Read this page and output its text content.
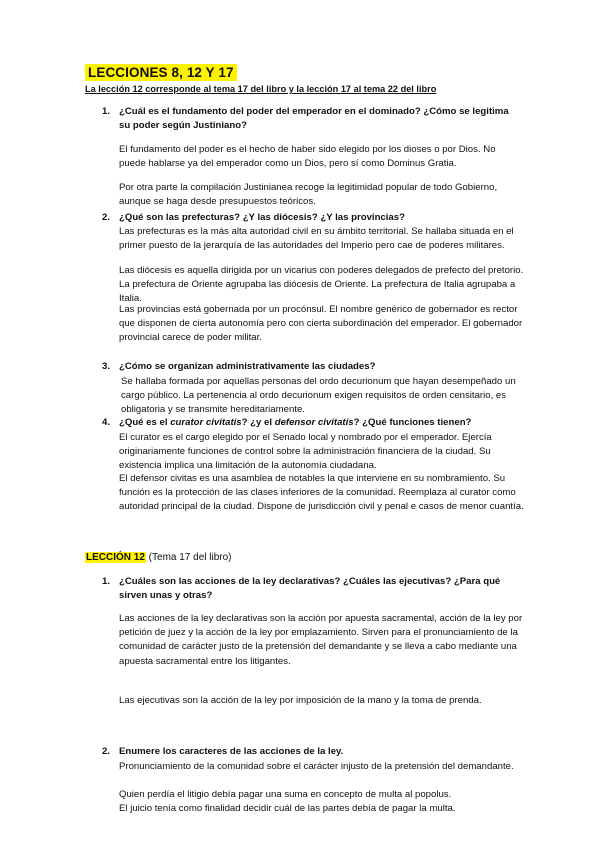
LECCIONES 8, 12 Y 17
La lección 12 corresponde al tema 17 del libro y la lección 17 al tema 22 del libro
1. ¿Cuál es el fundamento del poder del emperador en el dominado? ¿Cómo se legitima su poder según Justiniano?
El fundamento del poder es el hecho de haber sido elegido por los dioses o por Dios. No puede hablarse ya del emperador como un Dios, pero sí como Dominus Gratia.
Por otra parte la compilación Justinianea recoge la legitimidad popular de todo Gobierno, aunque se haga desde presupuestos teóricos.
2. ¿Qué son las prefecturas? ¿Y las diócesis? ¿Y las provincias?
Las prefecturas es la más alta autoridad civil en su ámbito territorial. Se hallaba situada en el primer puesto de la jerarquía de las autoridades del Imperio pero cae de poderes militares.
Las diócesis es aquella dirigida por un vicarius con poderes delegados de prefecto del pretorio. La prefectura de Oriente agrupaba las diócesis de Oriente. La prefectura de Italia agrupaba a Italia.
Las provincias está gobernada por un procónsul. El nombre genérico de gobernador es rector que disponen de cierta autonomía pero con cierta subordinación del emperador. El gobernador provincial carece de poder militar.
3. ¿Cómo se organizan administrativamente las ciudades?
Se hallaba formada por aquellas personas del ordo decurionum que hayan desempeñado un cargo público. La pertenencia al ordo decurionum exigen requisitos de orden censitario, es obligatoria y se transmite hereditariamente.
4. ¿Qué es el curator civitatis? ¿y el defensor civitatis? ¿Qué funciones tienen?
El curator es el cargo elegido por el Senado local y nombrado por el emperador. Ejercía originariamente funciones de control sobre la administración financiera de la ciudad. Su existencia implica una limitación de la autonomía ciudadana.
El defensor civitas es una asamblea de notables la que interviene en su nombramiento. Su función es la protección de las clases inferiores de la comunidad. Reemplaza al curator como autoridad principal de la ciudad. Dispone de jurisdicción civil y penal e casos de menor cuantía.
LECCIÓN 12 (Tema 17 del libro)
1. ¿Cuáles son las acciones de la ley declarativas? ¿Cuáles las ejecutivas? ¿Para qué sirven unas y otras?
Las acciones de la ley declarativas son la acción por apuesta sacramental, acción de la ley por petición de juez y la acción de la ley por emplazamiento. Sirven para el pronunciamiento de la comunidad de carácter justo de la pretensión del demandante y se lleva a cabo mediante una apuesta sacramental entre los litigantes.
Las ejecutivas son la acción de la ley por imposición de la mano y la toma de prenda.
2. Enumere los caracteres de las acciones de la ley.
Pronunciamiento de la comunidad sobre el carácter injusto de la pretensión del demandante.
Quien perdía el litigio debía pagar una suma en concepto de multa al popolus.
El juicio tenía como finalidad decidir cuál de las partes debía de pagar la multa.
